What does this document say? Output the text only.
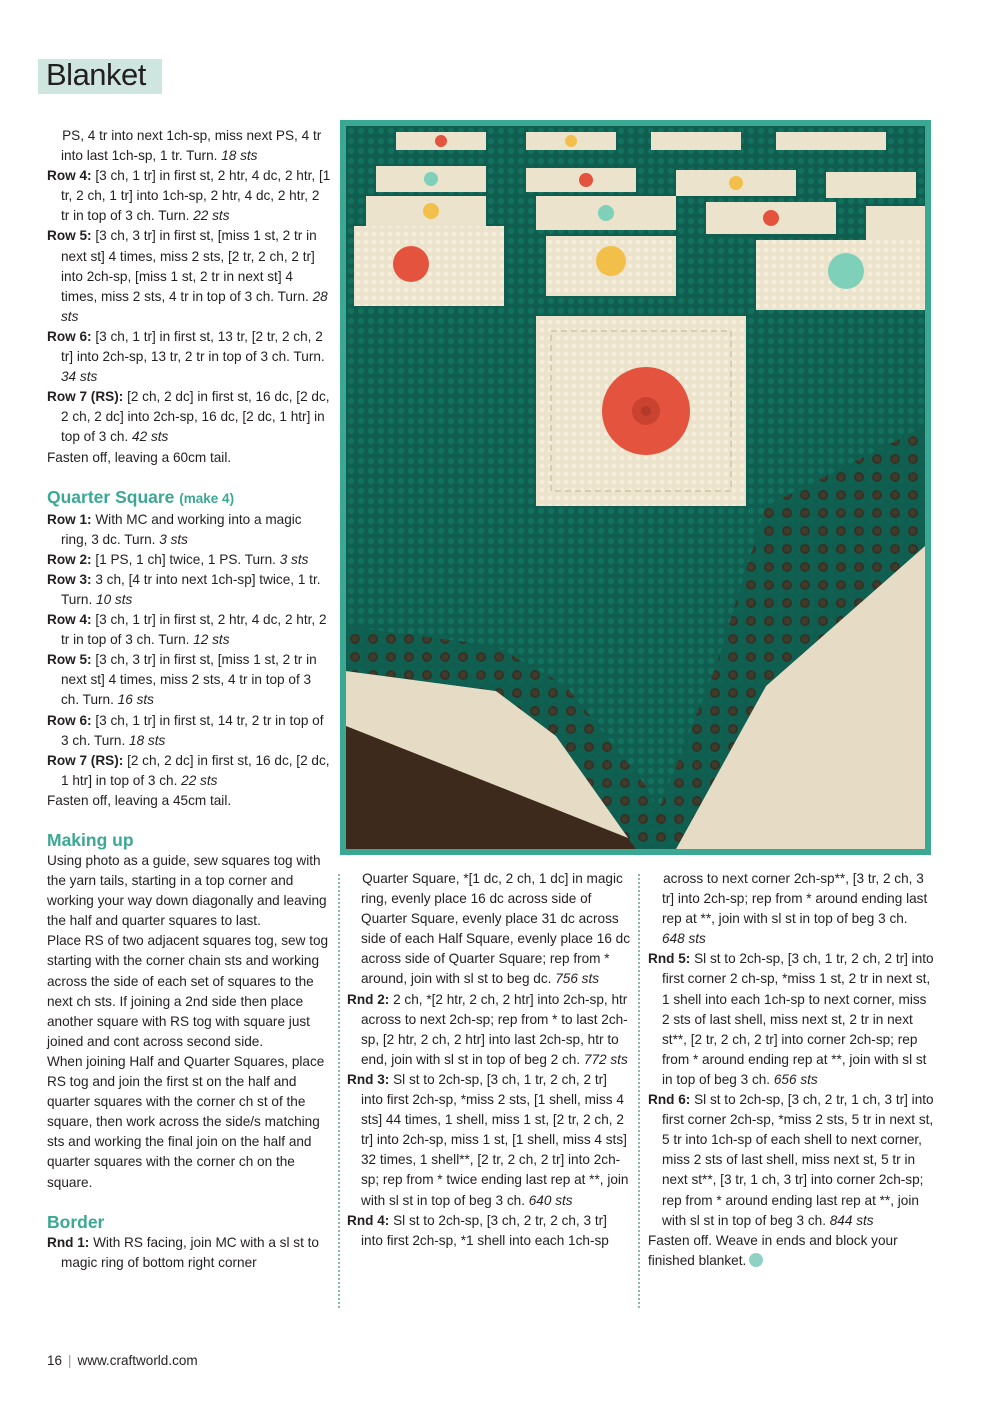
Blanket

PS, 4 tr into next 1ch-sp, miss next PS, 4 tr into last 1ch-sp, 1 tr. Turn. 18 sts

Row 4: [3 ch, 1 tr] in first st, 2 htr, 4 dc, 2 htr, [1 tr, 2 ch, 1 tr] into 1ch-sp, 2 htr, 4 dc, 2 htr, 2 tr in top of 3 ch. Turn. 22 sts

Row 5: [3 ch, 3 tr] in first st, [miss 1 st, 2 tr in next st] 4 times, miss 2 sts, [2 tr, 2 ch, 2 tr] into 2ch-sp, [miss 1 st, 2 tr in next st] 4 times, miss 2 sts, 4 tr in top of 3 ch. Turn. 28 sts

Row 6: [3 ch, 1 tr] in first st, 13 tr, [2 tr, 2 ch, 2 tr] into 2ch-sp, 13 tr, 2 tr in top of 3 ch. Turn. 34 sts

Row 7 (RS): [2 ch, 2 dc] in first st, 16 dc, [2 dc, 2 ch, 2 dc] into 2ch-sp, 16 dc, [2 dc, 1 htr] in top of 3 ch. 42 sts

Fasten off, leaving a 60cm tail.

Quarter Square (make 4)

Row 1: With MC and working into a magic ring, 3 dc. Turn. 3 sts

Row 2: [1 PS, 1 ch] twice, 1 PS. Turn. 3 sts

Row 3: 3 ch, [4 tr into next 1ch-sp] twice, 1 tr. Turn. 10 sts

Row 4: [3 ch, 1 tr] in first st, 2 htr, 4 dc, 2 htr, 2 tr in top of 3 ch. Turn. 12 sts

Row 5: [3 ch, 3 tr] in first st, [miss 1 st, 2 tr in next st] 4 times, miss 2 sts, 4 tr in top of 3 ch. Turn. 16 sts

Row 6: [3 ch, 1 tr] in first st, 14 tr, 2 tr in top of 3 ch. Turn. 18 sts

Row 7 (RS): [2 ch, 2 dc] in first st, 16 dc, [2 dc, 1 htr] in top of 3 ch. 22 sts

Fasten off, leaving a 45cm tail.

Making up

Using photo as a guide, sew squares tog with the yarn tails, starting in a top corner and working your way down diagonally and leaving the half and quarter squares to last.

Place RS of two adjacent squares tog, sew tog starting with the corner chain sts and working across the side of each set of squares to the next ch sts. If joining a 2nd side then place another square with RS tog with square just joined and cont across second side.

When joining Half and Quarter Squares, place RS tog and join the first st on the half and quarter squares with the corner ch st of the square, then work across the side/s matching sts and working the final join on the half and quarter squares with the corner ch on the square.

Border

Rnd 1: With RS facing, join MC with a sl st to magic ring of bottom right corner

Quarter Square, *[1 dc, 2 ch, 1 dc] in magic ring, evenly place 16 dc across side of Quarter Square, evenly place 31 dc across side of each Half Square, evenly place 16 dc across side of Quarter Square; rep from * around, join with sl st to beg dc. 756 sts

Rnd 2: 2 ch, *[2 htr, 2 ch, 2 htr] into 2ch-sp, htr across to next 2ch-sp; rep from * to last 2ch-sp, [2 htr, 2 ch, 2 htr] into last 2ch-sp, htr to end, join with sl st in top of beg 2 ch. 772 sts

Rnd 3: Sl st to 2ch-sp, [3 ch, 1 tr, 2 ch, 2 tr] into first 2ch-sp, *miss 2 sts, [1 shell, miss 4 sts] 44 times, 1 shell, miss 1 st, [2 tr, 2 ch, 2 tr] into 2ch-sp, miss 1 st, [1 shell, miss 4 sts] 32 times, 1 shell**, [2 tr, 2 ch, 2 tr] into 2ch-sp; rep from * twice ending last rep at **, join with sl st in top of beg 3 ch. 640 sts

Rnd 4: Sl st to 2ch-sp, [3 ch, 2 tr, 2 ch, 3 tr] into first 2ch-sp, *1 shell into each 1ch-sp

across to next corner 2ch-sp**, [3 tr, 2 ch, 3 tr] into 2ch-sp; rep from * around ending last rep at **, join with sl st in top of beg 3 ch. 648 sts

Rnd 5: Sl st to 2ch-sp, [3 ch, 1 tr, 2 ch, 2 tr] into first corner 2 ch-sp, *miss 1 st, 2 tr in next st, 1 shell into each 1ch-sp to next corner, miss 2 sts of last shell, miss next st, 2 tr in next st**, [2 tr, 2 ch, 2 tr] into corner 2ch-sp; rep from * around ending rep at **, join with sl st in top of beg 3 ch. 656 sts

Rnd 6: Sl st to 2ch-sp, [3 ch, 2 tr, 1 ch, 3 tr] into first corner 2ch-sp, *miss 2 sts, 5 tr in next st, 5 tr into 1ch-sp of each shell to next corner, miss 2 sts of last shell, miss next st, 5 tr in next st**, [3 tr, 1 ch, 3 tr] into corner 2ch-sp; rep from * around ending last rep at **, join with sl st in top of beg 3 ch. 844 sts

Fasten off. Weave in ends and block your finished blanket.

16 | www.craftworld.com
